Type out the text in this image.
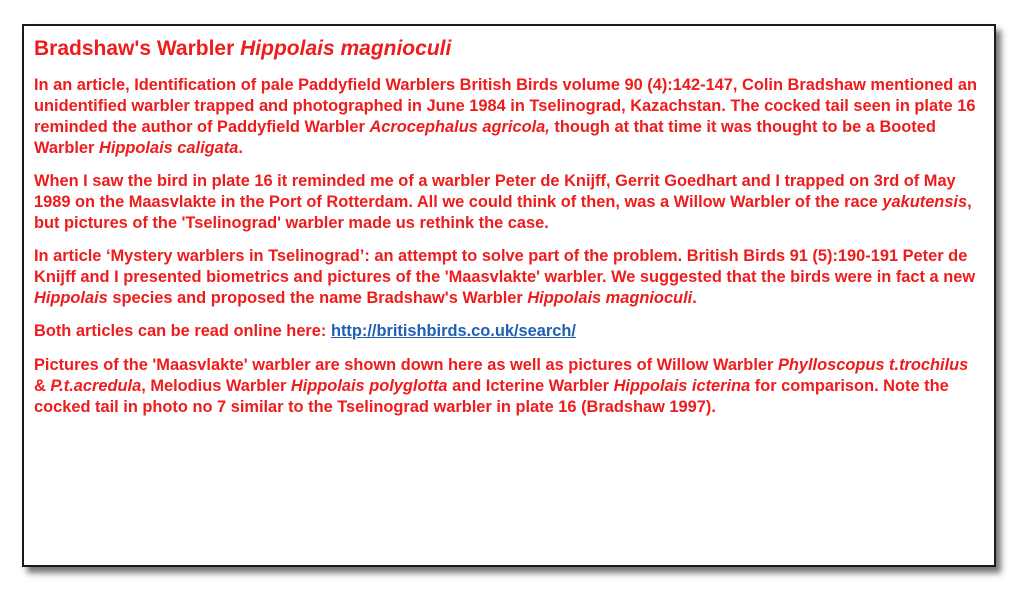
Bradshaw's Warbler Hippolais magnioculi

In an article, Identification of pale Paddyfield Warblers British Birds volume 90 (4):142-147, Colin Bradshaw mentioned an unidentified warbler trapped and photographed in June 1984 in Tselinograd, Kazachstan. The cocked tail seen in plate 16 reminded the author of Paddyfield Warbler Acrocephalus agricola, though at that time it was thought to be a Booted Warbler Hippolais caligata.

When I saw the bird in plate 16 it reminded me of a warbler Peter de Knijff, Gerrit Goedhart and I trapped on 3rd of May 1989 on the Maasvlakte in the Port of Rotterdam. All we could think of then, was a Willow Warbler of the race yakutensis, but pictures of the 'Tselinograd' warbler made us rethink the case.

In article ‘Mystery warblers in Tselinograd’: an attempt to solve part of the problem. British Birds 91 (5):190-191 Peter de Knijff and I presented biometrics and pictures of the 'Maasvlakte' warbler. We suggested that the birds were in fact a new Hippolais species and proposed the name Bradshaw's Warbler Hippolais magnioculi.

Both articles can be read online here: http://britishbirds.co.uk/search/

Pictures of the 'Maasvlakte' warbler are shown down here as well as pictures of Willow Warbler Phylloscopus t.trochilus & P.t.acredula, Melodius Warbler Hippolais polyglotta and Icterine Warbler Hippolais icterina for comparison. Note the cocked tail in photo no 7 similar to the Tselinograd warbler in plate 16 (Bradshaw 1997).
